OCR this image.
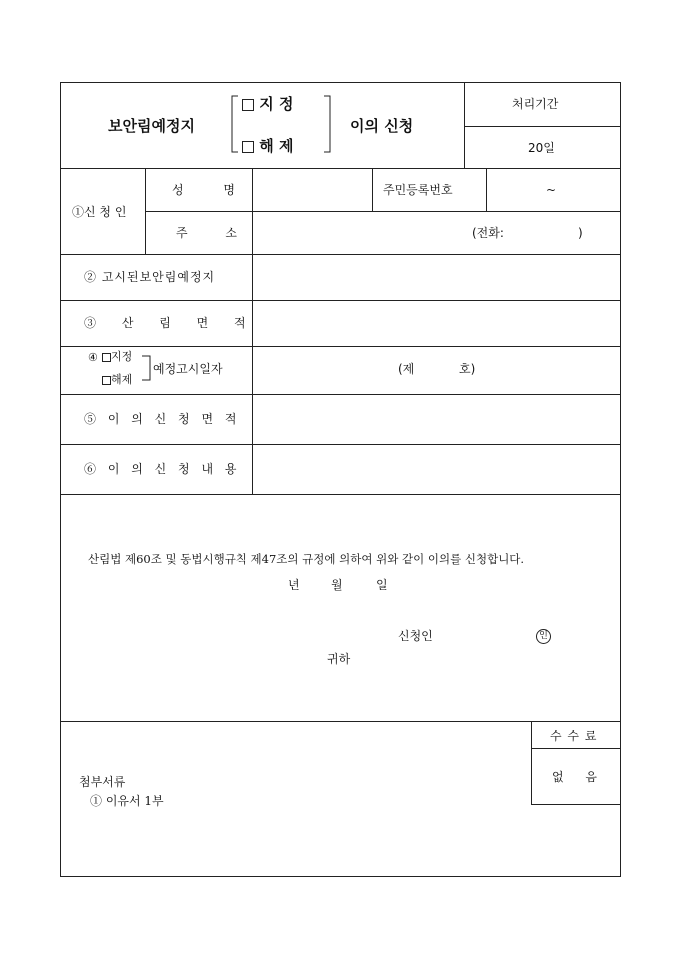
보안림예정지
지 정
해 제
이의 신청
처리기간
20일
①신 청 인
성 명	주민등록번호	~
주 소	(전화:	)
② 고시된보안림예정지
③ 산 림 면 적
④	지정
해제
예정고시일자	(제	호)
⑤ 이 의 신 청 면 적
⑥ 이 의 신 청 내 용
산림법 제60조 및 동법시행규칙 제47조의 규정에 의하여 위와 같이 이의를 신청합니다.
년	월	일
신청인	인
귀하
수 수 료
없 음
첨부서류
① 이유서 1부
